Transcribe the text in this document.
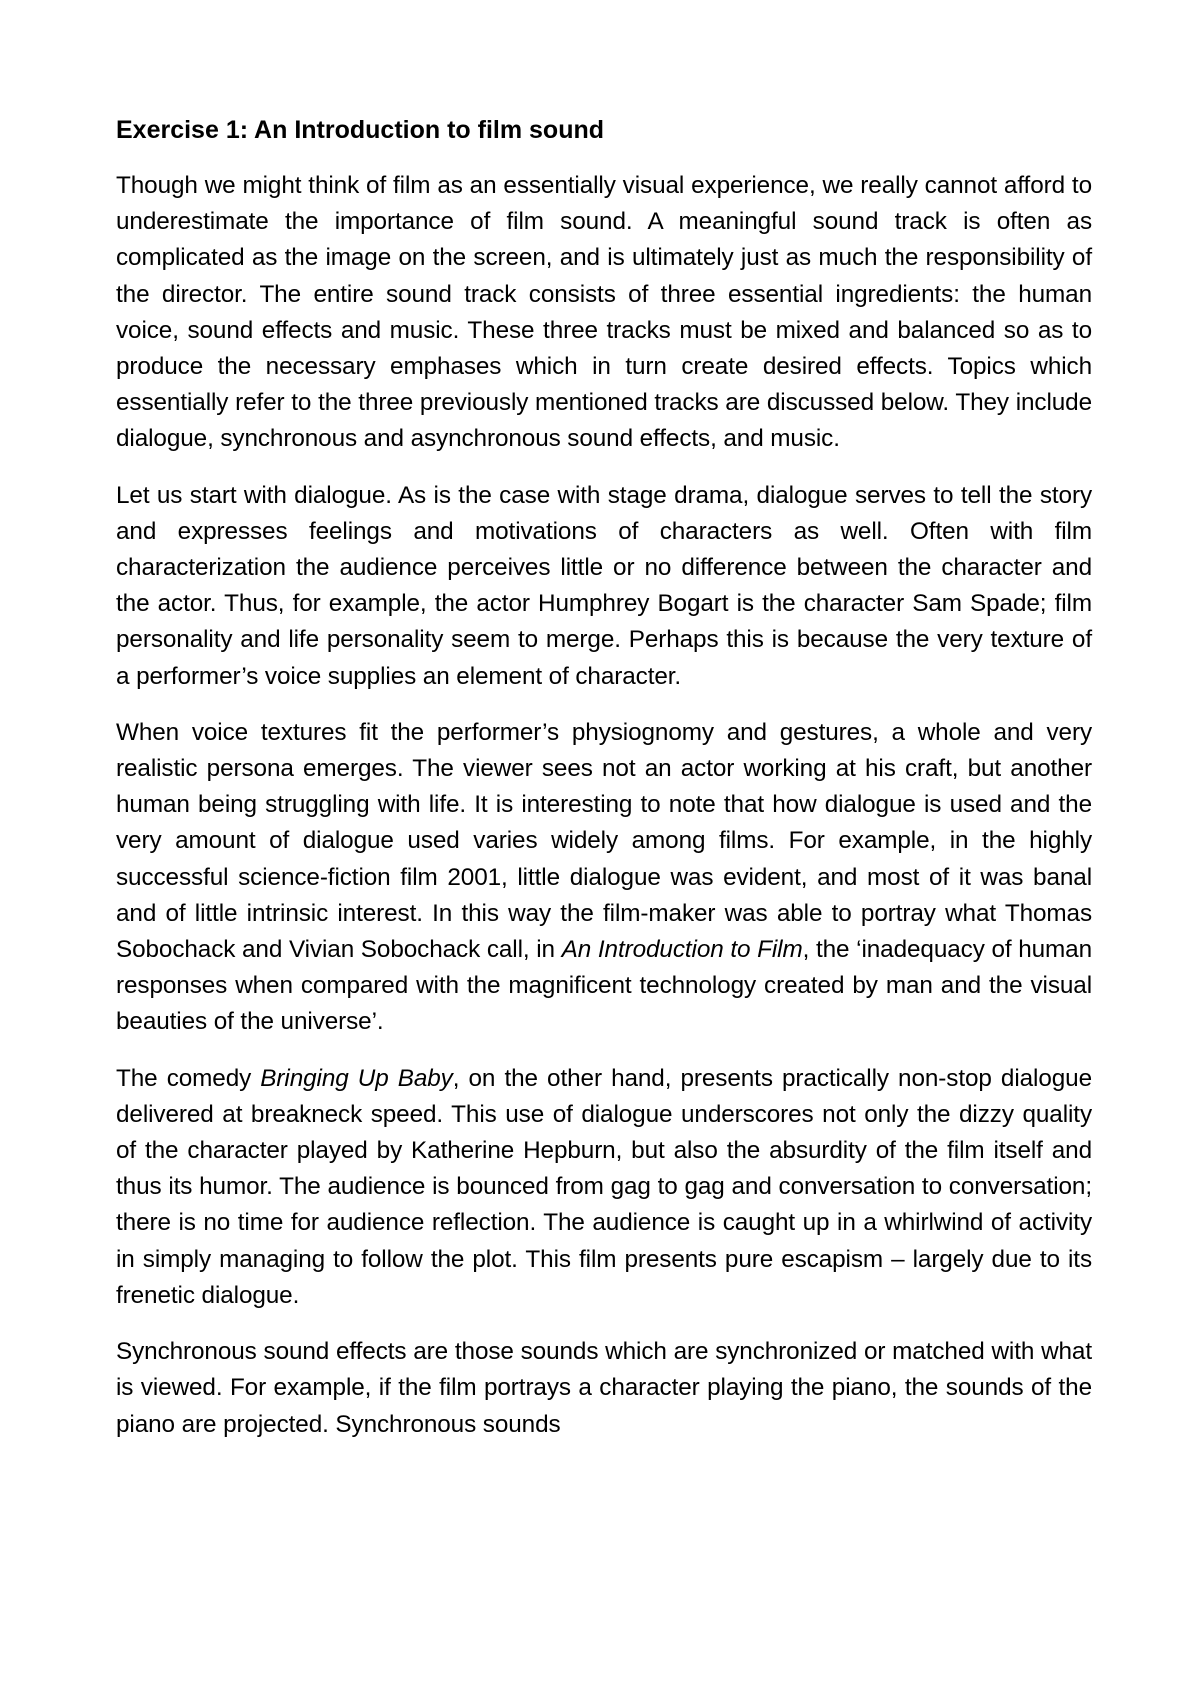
Exercise 1: An Introduction to film sound

Though we might think of film as an essentially visual experience, we really cannot afford to underestimate the importance of film sound. A meaningful sound track is often as complicated as the image on the screen, and is ultimately just as much the responsibility of the director. The entire sound track consists of three essential ingredients: the human voice, sound effects and music. These three tracks must be mixed and balanced so as to produce the necessary emphases which in turn create desired effects. Topics which essentially refer to the three previously mentioned tracks are discussed below. They include dialogue, synchronous and asynchronous sound effects, and music.

Let us start with dialogue. As is the case with stage drama, dialogue serves to tell the story and expresses feelings and motivations of characters as well. Often with film characterization the audience perceives little or no difference between the character and the actor. Thus, for example, the actor Humphrey Bogart is the character Sam Spade; film personality and life personality seem to merge. Perhaps this is because the very texture of a performer’s voice supplies an element of character.

When voice textures fit the performer’s physiognomy and gestures, a whole and very realistic persona emerges. The viewer sees not an actor working at his craft, but another human being struggling with life. It is interesting to note that how dialogue is used and the very amount of dialogue used varies widely among films. For example, in the highly successful science-fiction film 2001, little dialogue was evident, and most of it was banal and of little intrinsic interest. In this way the film-maker was able to portray what Thomas Sobochack and Vivian Sobochack call, in An Introduction to Film, the ‘inadequacy of human responses when compared with the magnificent technology created by man and the visual beauties of the universe’.

The comedy Bringing Up Baby, on the other hand, presents practically non-stop dialogue delivered at breakneck speed. This use of dialogue underscores not only the dizzy quality of the character played by Katherine Hepburn, but also the absurdity of the film itself and thus its humor. The audience is bounced from gag to gag and conversation to conversation; there is no time for audience reflection. The audience is caught up in a whirlwind of activity in simply managing to follow the plot. This film presents pure escapism – largely due to its frenetic dialogue.

Synchronous sound effects are those sounds which are synchronized or matched with what is viewed. For example, if the film portrays a character playing the piano, the sounds of the piano are projected. Synchronous sounds
